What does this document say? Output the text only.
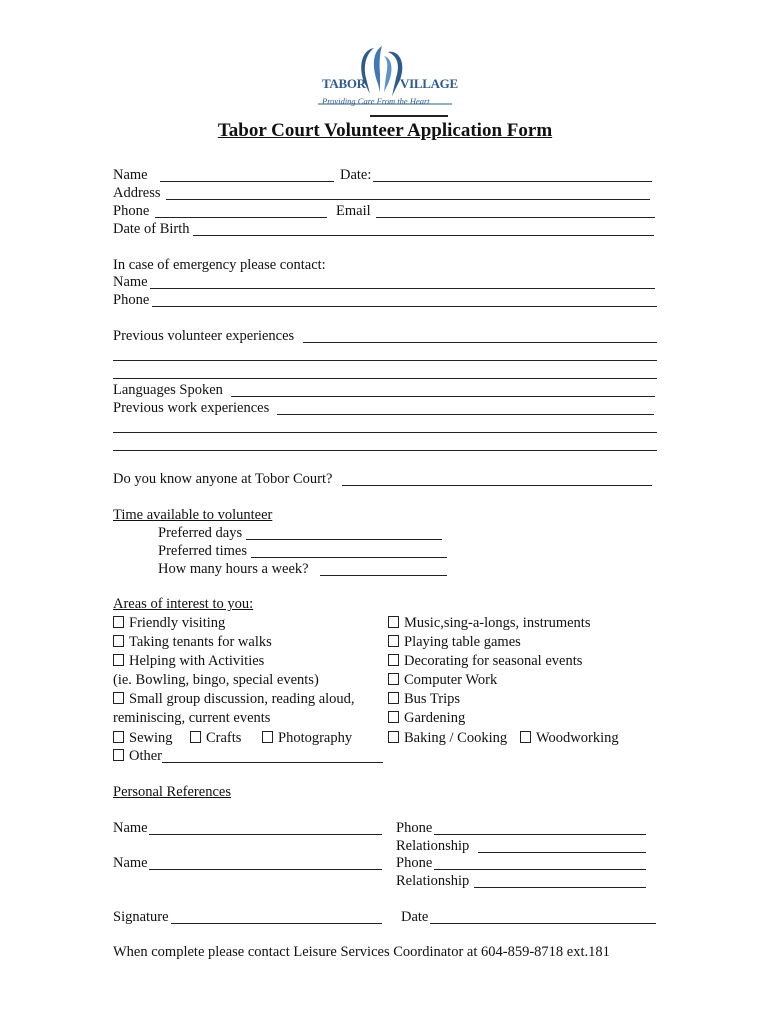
TABOR	VILLAGE
Providing Care From the Heart
Tabor Court Volunteer Application Form
Name	Date:
Address
Phone	Email
Date of Birth
In case of emergency please contact:
Name
Phone
Previous volunteer experiences
Languages Spoken
Previous work experiences
Do you know anyone at Tobor Court?
Time available to volunteer
Preferred days
Preferred times
How many hours a week?
Areas of interest to you:
Friendly visiting
Taking tenants for walks
Helping with Activities
(ie. Bowling, bingo, special events)
Small group discussion, reading aloud,
reminiscing, current events
Sewing	Crafts	Photography
Other
Music,sing-a-longs, instruments
Playing table games
Decorating for seasonal events
Computer Work
Bus Trips
Gardening
Baking / Cooking	Woodworking
Personal References
Name	Phone
Relationship
Name	Phone
Relationship
Signature	Date
When complete please contact Leisure Services Coordinator at 604-859-8718 ext.181
